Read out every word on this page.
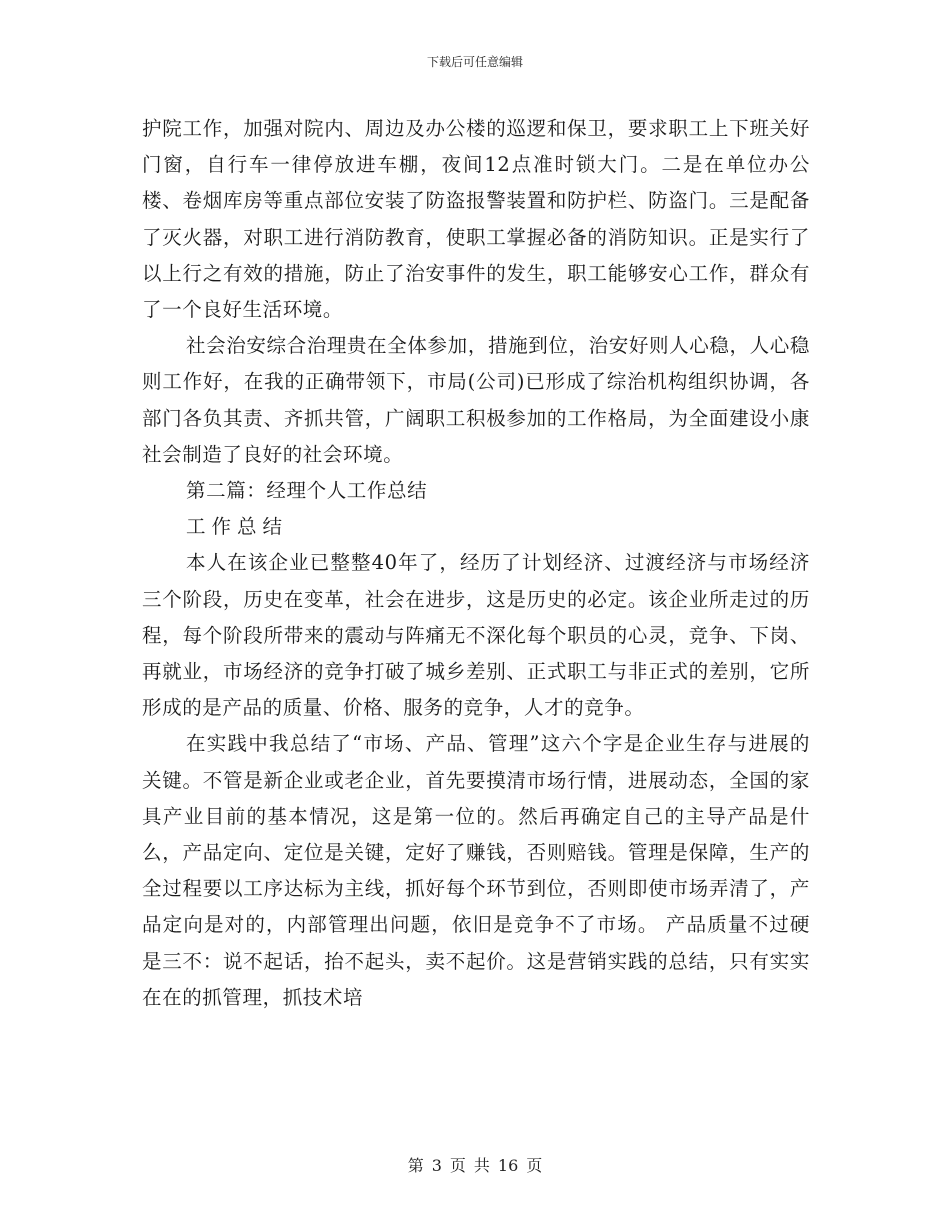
下载后可任意编辑

护院工作，加强对院内、周边及办公楼的巡逻和保卫，要求职工上下班关好门窗，自行车一律停放进车棚，夜间12点准时锁大门。二是在单位办公楼、卷烟库房等重点部位安装了防盗报警装置和防护栏、防盗门。三是配备了灭火器，对职工进行消防教育，使职工掌握必备的消防知识。正是实行了以上行之有效的措施，防止了治安事件的发生，职工能够安心工作，群众有了一个良好生活环境。

社会治安综合治理贵在全体参加，措施到位，治安好则人心稳，人心稳则工作好，在我的正确带领下，市局(公司)已形成了综治机构组织协调，各部门各负其责、齐抓共管，广阔职工积极参加的工作格局，为全面建设小康社会制造了良好的社会环境。

第二篇：经理个人工作总结

工作总结

本人在该企业已整整40年了，经历了计划经济、过渡经济与市场经济三个阶段，历史在变革，社会在进步，这是历史的必定。该企业所走过的历程，每个阶段所带来的震动与阵痛无不深化每个职员的心灵，竞争、下岗、再就业，市场经济的竞争打破了城乡差别、正式职工与非正式的差别，它所形成的是产品的质量、价格、服务的竞争，人才的竞争。

在实践中我总结了“市场、产品、管理”这六个字是企业生存与进展的关键。不管是新企业或老企业，首先要摸清市场行情，进展动态，全国的家具产业目前的基本情况，这是第一位的。然后再确定自己的主导产品是什么，产品定向、定位是关键，定好了赚钱，否则赔钱。管理是保障，生产的全过程要以工序达标为主线，抓好每个环节到位，否则即使市场弄清了，产品定向是对的，内部管理出问题，依旧是竞争不了市场。 产品质量不过硬是三不：说不起话，抬不起头，卖不起价。这是营销实践的总结，只有实实在在的抓管理，抓技术培

第 3 页 共 16 页
